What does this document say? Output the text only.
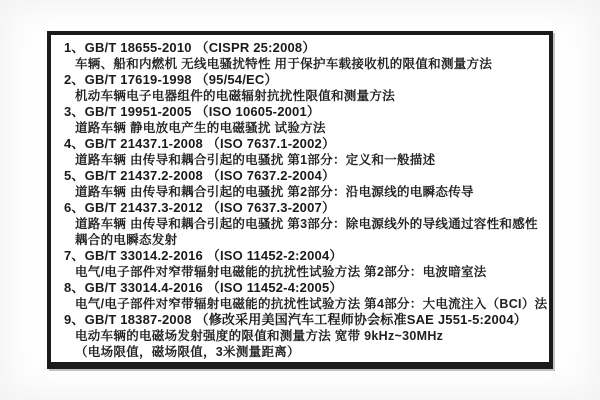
1、GB/T 18655-2010 （CISPR 25:2008）
车辆、船和内燃机 无线电骚扰特性 用于保护车载接收机的限值和测量方法
2、GB/T 17619-1998 （95/54/EC）
机动车辆电子电器组件的电磁辐射抗扰性限值和测量方法
3、GB/T 19951-2005 （ISO 10605-2001）
道路车辆 静电放电产生的电磁骚扰 试验方法
4、GB/T 21437.1-2008 （ISO 7637.1-2002）
道路车辆 由传导和耦合引起的电骚扰 第1部分：定义和一般描述
5、GB/T 21437.2-2008 （ISO 7637.2-2004）
道路车辆 由传导和耦合引起的电骚扰 第2部分：沿电源线的电瞬态传导
6、GB/T 21437.3-2012 （ISO 7637.3-2007）
道路车辆 由传导和耦合引起的电骚扰 第3部分：除电源线外的导线通过容性和感性
耦合的电瞬态发射
7、GB/T 33014.2-2016 （ISO 11452-2:2004）
电气/电子部件对窄带辐射电磁能的抗扰性试验方法 第2部分：电波暗室法
8、GB/T 33014.4-2016 （ISO 11452-4:2005）
电气/电子部件对窄带辐射电磁能的抗扰性试验方法 第4部分：大电流注入（BCI）法
9、GB/T 18387-2008 （修改采用美国汽车工程师协会标准SAE J551-5:2004）
电动车辆的电磁场发射强度的限值和测量方法 宽带 9kHz~30MHz
（电场限值，磁场限值，3米测量距离）
